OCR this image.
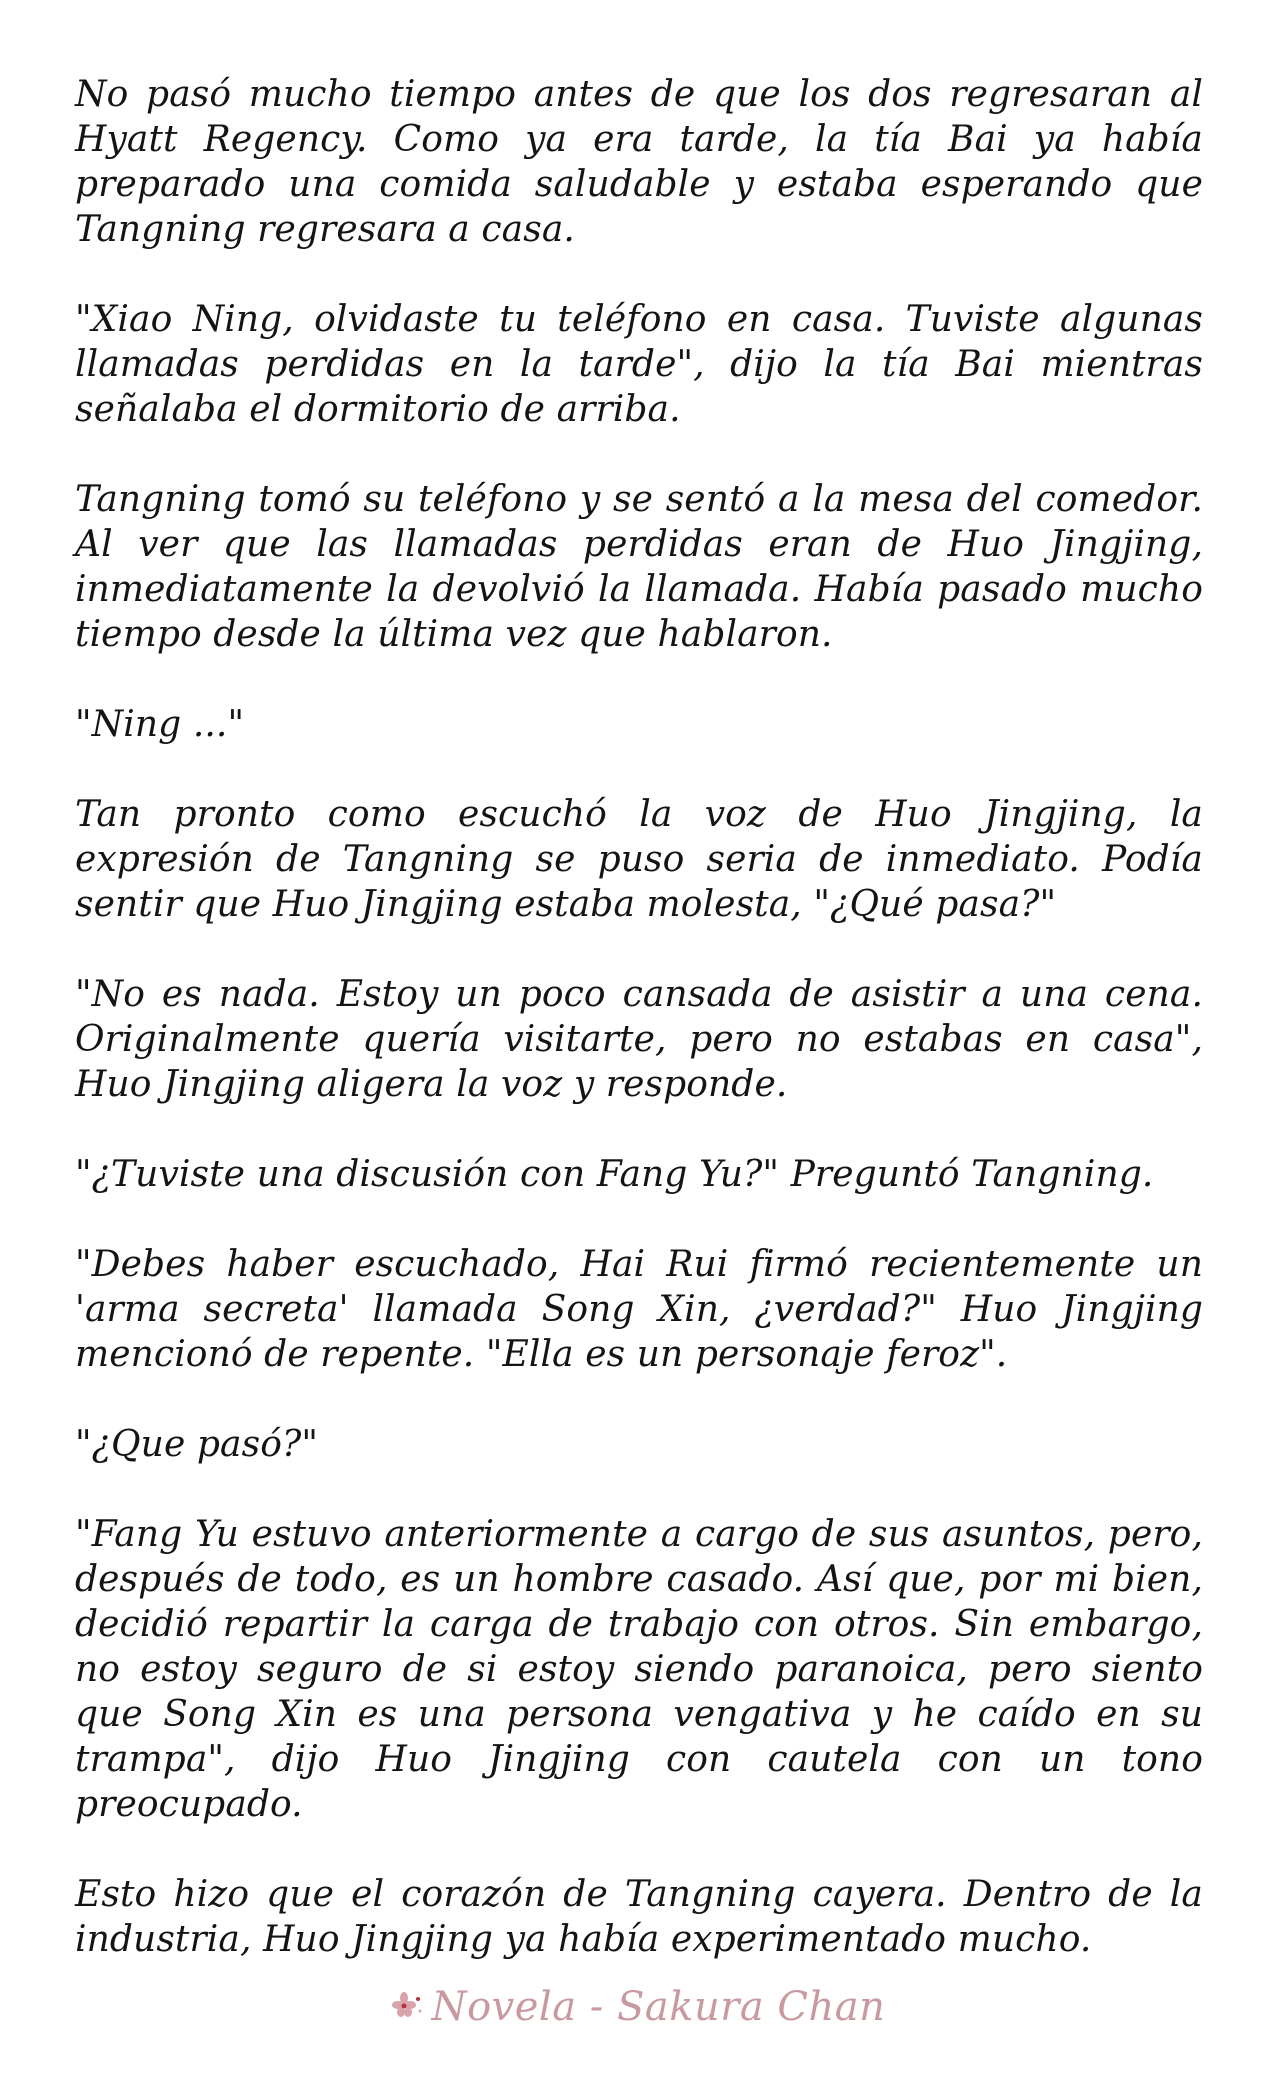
No pasó mucho tiempo antes de que los dos regresaran al Hyatt Regency. Como ya era tarde, la tía Bai ya había preparado una comida saludable y estaba esperando que Tangning regresara a casa.

"Xiao Ning, olvidaste tu teléfono en casa. Tuviste algunas llamadas perdidas en la tarde", dijo la tía Bai mientras señalaba el dormitorio de arriba.

Tangning tomó su teléfono y se sentó a la mesa del comedor. Al ver que las llamadas perdidas eran de Huo Jingjing, inmediatamente la devolvió la llamada. Había pasado mucho tiempo desde la última vez que hablaron.

"Ning ..."

Tan pronto como escuchó la voz de Huo Jingjing, la expresión de Tangning se puso seria de inmediato. Podía sentir que Huo Jingjing estaba molesta, "¿Qué pasa?"

"No es nada. Estoy un poco cansada de asistir a una cena. Originalmente quería visitarte, pero no estabas en casa", Huo Jingjing aligera la voz y responde.

"¿Tuviste una discusión con Fang Yu?" Preguntó Tangning.

"Debes haber escuchado, Hai Rui firmó recientemente un 'arma secreta' llamada Song Xin, ¿verdad?" Huo Jingjing mencionó de repente. "Ella es un personaje feroz".

"¿Que pasó?"

"Fang Yu estuvo anteriormente a cargo de sus asuntos, pero, después de todo, es un hombre casado. Así que, por mi bien, decidió repartir la carga de trabajo con otros. Sin embargo, no estoy seguro de si estoy siendo paranoica, pero siento que Song Xin es una persona vengativa y he caído en su trampa", dijo Huo Jingjing con cautela con un tono preocupado.

Esto hizo que el corazón de Tangning cayera. Dentro de la industria, Huo Jingjing ya había experimentado mucho.

Novela - Sakura Chan
